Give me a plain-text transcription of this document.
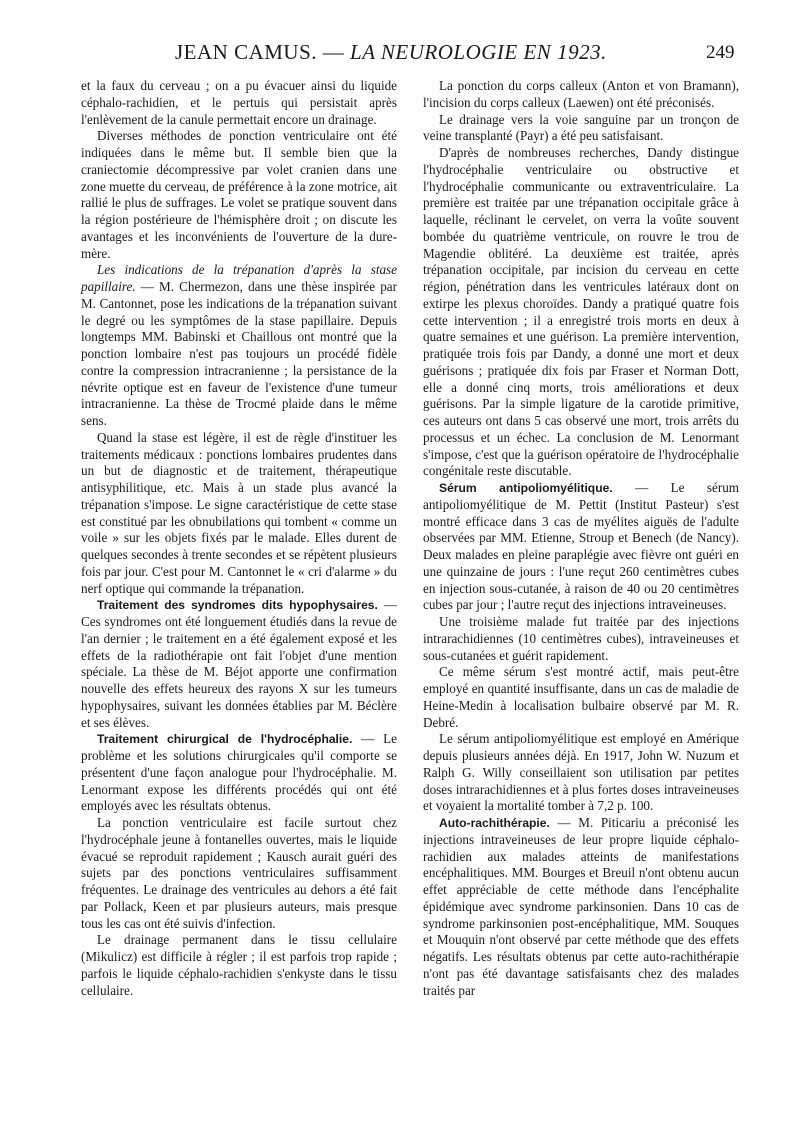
JEAN CAMUS. — LA NEUROLOGIE EN 1923.	249

et la faux du cerveau ; on a pu évacuer ainsi du liquide céphalo-rachidien, et le pertuis qui persistait après l'enlèvement de la canule permettait encore un drainage.

Diverses méthodes de ponction ventriculaire ont été indiquées dans le même but. Il semble bien que la craniectomie décompressive par volet cranien dans une zone muette du cerveau, de préférence à la zone motrice, ait rallié le plus de suffrages. Le volet se pratique souvent dans la région postérieure de l'hémisphère droit ; on discute les avantages et les inconvénients de l'ouverture de la dure-mère.

Les indications de la trépanation d'après la stase papillaire. — M. Chermezon, dans une thèse inspirée par M. Cantonnet, pose les indications de la trépanation suivant le degré ou les symptômes de la stase papillaire. Depuis longtemps MM. Babinski et Chaillous ont montré que la ponction lombaire n'est pas toujours un procédé fidèle contre la compression intracranienne ; la persistance de la névrite optique est en faveur de l'existence d'une tumeur intracranienne. La thèse de Trocmé plaide dans le même sens.

Quand la stase est légère, il est de règle d'instituer les traitements médicaux : ponctions lombaires prudentes dans un but de diagnostic et de traitement, thérapeutique antisyphilitique, etc. Mais à un stade plus avancé la trépanation s'impose. Le signe caractéristique de cette stase est constitué par les obnubilations qui tombent « comme un voile » sur les objets fixés par le malade. Elles durent de quelques secondes à trente secondes et se répètent plusieurs fois par jour. C'est pour M. Cantonnet le « cri d'alarme » du nerf optique qui commande la trépanation.

Traitement des syndromes dits hypophysaires. — Ces syndromes ont été longuement étudiés dans la revue de l'an dernier ; le traitement en a été également exposé et les effets de la radiothérapie ont fait l'objet d'une mention spéciale. La thèse de M. Béjot apporte une confirmation nouvelle des effets heureux des rayons X sur les tumeurs hypophysaires, suivant les données établies par M. Béclère et ses élèves.

Traitement chirurgical de l'hydrocéphalie. — Le problème et les solutions chirurgicales qu'il comporte se présentent d'une façon analogue pour l'hydrocéphalie. M. Lenormant expose les différents procédés qui ont été employés avec les résultats obtenus.

La ponction ventriculaire est facile surtout chez l'hydrocéphale jeune à fontanelles ouvertes, mais le liquide évacué se reproduit rapidement ; Kausch aurait guéri des sujets par des ponctions ventriculaires suffisamment fréquentes. Le drainage des ventricules au dehors a été fait par Pollack, Keen et par plusieurs auteurs, mais presque tous les cas ont été suivis d'infection.

Le drainage permanent dans le tissu cellulaire (Mikulicz) est difficile à régler ; il est parfois trop rapide ; parfois le liquide céphalo-rachidien s'enkyste dans le tissu cellulaire.

La ponction du corps calleux (Anton et von Bramann), l'incision du corps calleux (Laewen) ont été préconisés.

Le drainage vers la voie sanguine par un tronçon de veine transplanté (Payr) a été peu satisfaisant.

D'après de nombreuses recherches, Dandy distingue l'hydrocéphalie ventriculaire ou obstructive et l'hydrocéphalie communicante ou extraventriculaire. La première est traitée par une trépanation occipitale grâce à laquelle, réclinant le cervelet, on verra la voûte souvent bombée du quatrième ventricule, on rouvre le trou de Magendie oblitéré. La deuxième est traitée, après trépanation occipitale, par incision du cerveau en cette région, pénétration dans les ventricules latéraux dont on extirpe les plexus choroïdes. Dandy a pratiqué quatre fois cette intervention ; il a enregistré trois morts en deux à quatre semaines et une guérison. La première intervention, pratiquée trois fois par Dandy, a donné une mort et deux guérisons ; pratiquée dix fois par Fraser et Norman Dott, elle a donné cinq morts, trois améliorations et deux guérisons. Par la simple ligature de la carotide primitive, ces auteurs ont dans 5 cas observé une mort, trois arrêts du processus et un échec. La conclusion de M. Lenormant s'impose, c'est que la guérison opératoire de l'hydrocéphalie congénitale reste discutable.

Sérum antipoliomyélitique. — Le sérum antipoliomyélitique de M. Pettit (Institut Pasteur) s'est montré efficace dans 3 cas de myélites aiguës de l'adulte observées par MM. Etienne, Stroup et Benech (de Nancy). Deux malades en pleine paraplégie avec fièvre ont guéri en une quinzaine de jours : l'une reçut 260 centimètres cubes en injection sous-cutanée, à raison de 40 ou 20 centimètres cubes par jour ; l'autre reçut des injections intraveineuses.

Une troisième malade fut traitée par des injections intrarachidiennes (10 centimètres cubes), intraveineuses et sous-cutanées et guérit rapidement.

Ce même sérum s'est montré actif, mais peut-être employé en quantité insuffisante, dans un cas de maladie de Heine-Medin à localisation bulbaire observé par M. R. Debré.

Le sérum antipoliomyélitique est employé en Amérique depuis plusieurs années déjà. En 1917, John W. Nuzum et Ralph G. Willy conseillaient son utilisation par petites doses intrarachidiennes et à plus fortes doses intraveineuses et voyaient la mortalité tomber à 7,2 p. 100.

Auto-rachithérapie. — M. Piticariu a préconisé les injections intraveineuses de leur propre liquide céphalo-rachidien aux malades atteints de manifestations encéphalitiques. MM. Bourges et Breuil n'ont obtenu aucun effet appréciable de cette méthode dans l'encéphalite épidémique avec syndrome parkinsonien. Dans 10 cas de syndrome parkinsonien post-encéphalitique, MM. Souques et Mouquin n'ont observé par cette méthode que des effets négatifs. Les résultats obtenus par cette auto-rachithérapie n'ont pas été davantage satisfaisants chez des malades traités par
